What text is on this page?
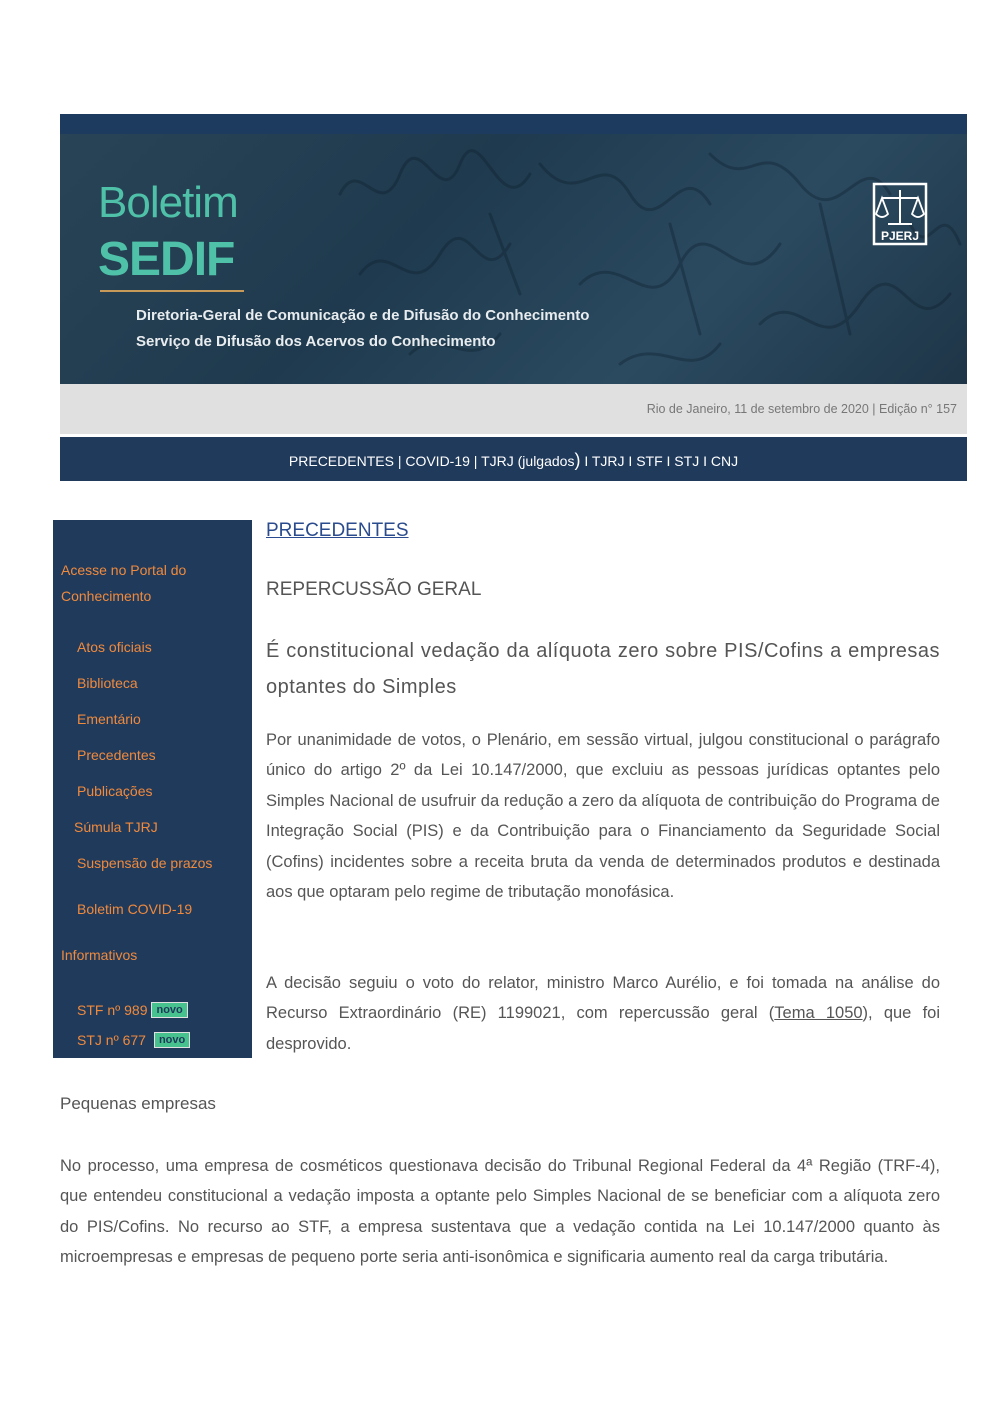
Boletim
SEDIF
Diretoria-Geral de Comunicação e de Difusão do Conhecimento
Serviço de Difusão dos Acervos do Conhecimento
PJERJ
Rio de Janeiro, 11 de setembro de 2020 | Edição n° 157
PRECEDENTES | COVID-19 | TJRJ (julgados) I TJRJ I STF I STJ I CNJ
Acesse no Portal do Conhecimento
Atos oficiais
Biblioteca
Ementário
Precedentes
Publicações
Súmula TJRJ
Suspensão de prazos
Boletim COVID-19
Informativos
STF nº 989 novo
STJ nº 677 novo
PRECEDENTES
REPERCUSSÃO GERAL
É constitucional vedação da alíquota zero sobre PIS/Cofins a empresas optantes do Simples
Por unanimidade de votos, o Plenário, em sessão virtual, julgou constitucional o parágrafo único do artigo 2º da Lei 10.147/2000, que excluiu as pessoas jurídicas optantes pelo Simples Nacional de usufruir da redução a zero da alíquota de contribuição do Programa de Integração Social (PIS) e da Contribuição para o Financiamento da Seguridade Social (Cofins) incidentes sobre a receita bruta da venda de determinados produtos e destinada aos que optaram pelo regime de tributação monofásica.
A decisão seguiu o voto do relator, ministro Marco Aurélio, e foi tomada na análise do Recurso Extraordinário (RE) 1199021, com repercussão geral (Tema 1050), que foi desprovido.
Pequenas empresas
No processo, uma empresa de cosméticos questionava decisão do Tribunal Regional Federal da 4ª Região (TRF-4), que entendeu constitucional a vedação imposta a optante pelo Simples Nacional de se beneficiar com a alíquota zero do PIS/Cofins. No recurso ao STF, a empresa sustentava que a vedação contida na Lei 10.147/2000 quanto às microempresas e empresas de pequeno porte seria anti-isonômica e significaria aumento real da carga tributária.
